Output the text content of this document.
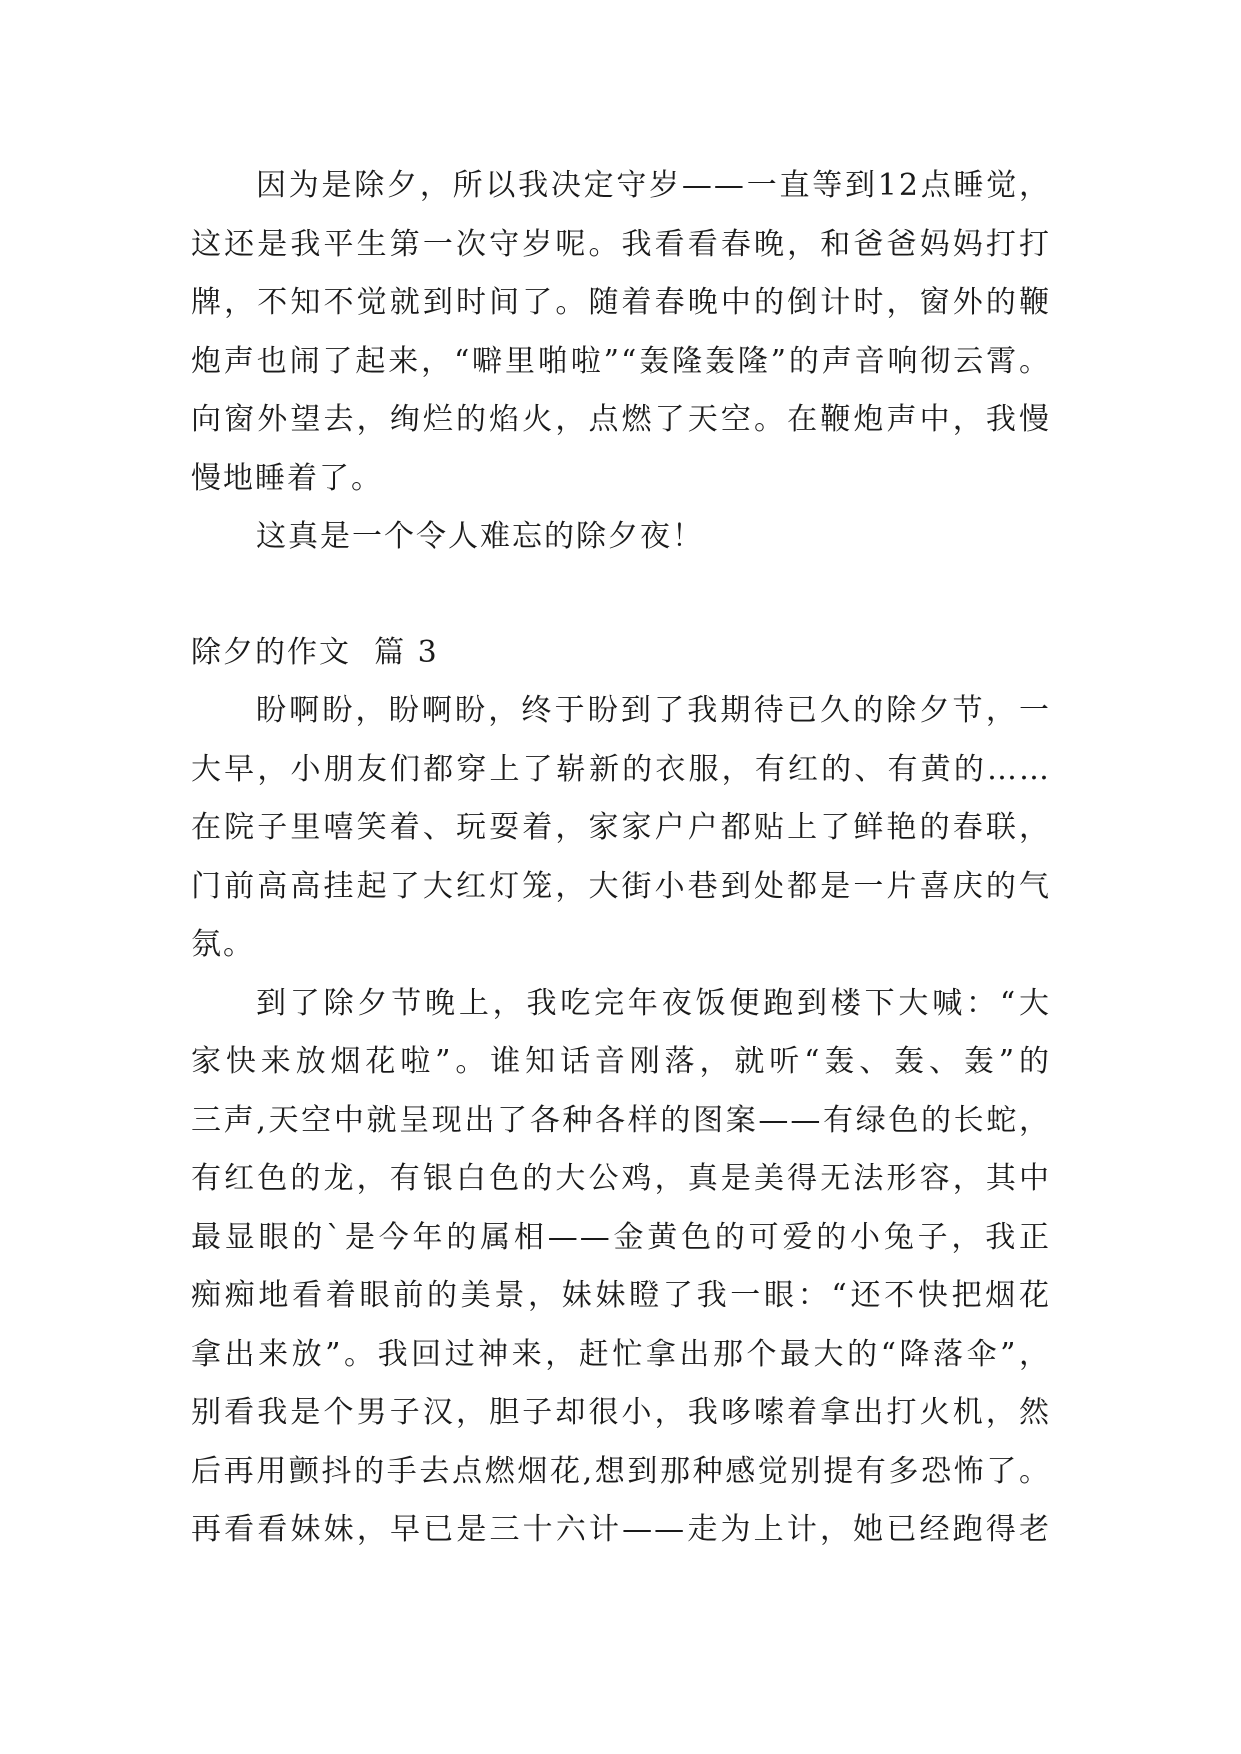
因为是除夕，所以我决定守岁——一直等到12点睡觉，
这还是我平生第一次守岁呢。我看看春晚，和爸爸妈妈打打
牌，不知不觉就到时间了。随着春晚中的倒计时，窗外的鞭
炮声也闹了起来，“噼里啪啦”“轰隆轰隆”的声音响彻云霄。
向窗外望去，绚烂的焰火，点燃了天空。在鞭炮声中，我慢
慢地睡着了。
这真是一个令人难忘的除夕夜！
除夕的作文  篇 3
盼啊盼，盼啊盼，终于盼到了我期待已久的除夕节，一
大早，小朋友们都穿上了崭新的衣服，有红的、有黄的……
在院子里嘻笑着、玩耍着，家家户户都贴上了鲜艳的春联，
门前高高挂起了大红灯笼，大街小巷到处都是一片喜庆的气
氛。
到了除夕节晚上，我吃完年夜饭便跑到楼下大喊：“大
家快来放烟花啦”。谁知话音刚落，就听“轰、轰、轰”的
三声,天空中就呈现出了各种各样的图案——有绿色的长蛇，
有红色的龙，有银白色的大公鸡，真是美得无法形容，其中
最显眼的`是今年的属相——金黄色的可爱的小兔子，我正
痴痴地看着眼前的美景，妹妹瞪了我一眼：“还不快把烟花
拿出来放”。我回过神来，赶忙拿出那个最大的“降落伞”，
别看我是个男子汉，胆子却很小，我哆嗦着拿出打火机，然
后再用颤抖的手去点燃烟花,想到那种感觉别提有多恐怖了。
再看看妹妹，早已是三十六计——走为上计，她已经跑得老
